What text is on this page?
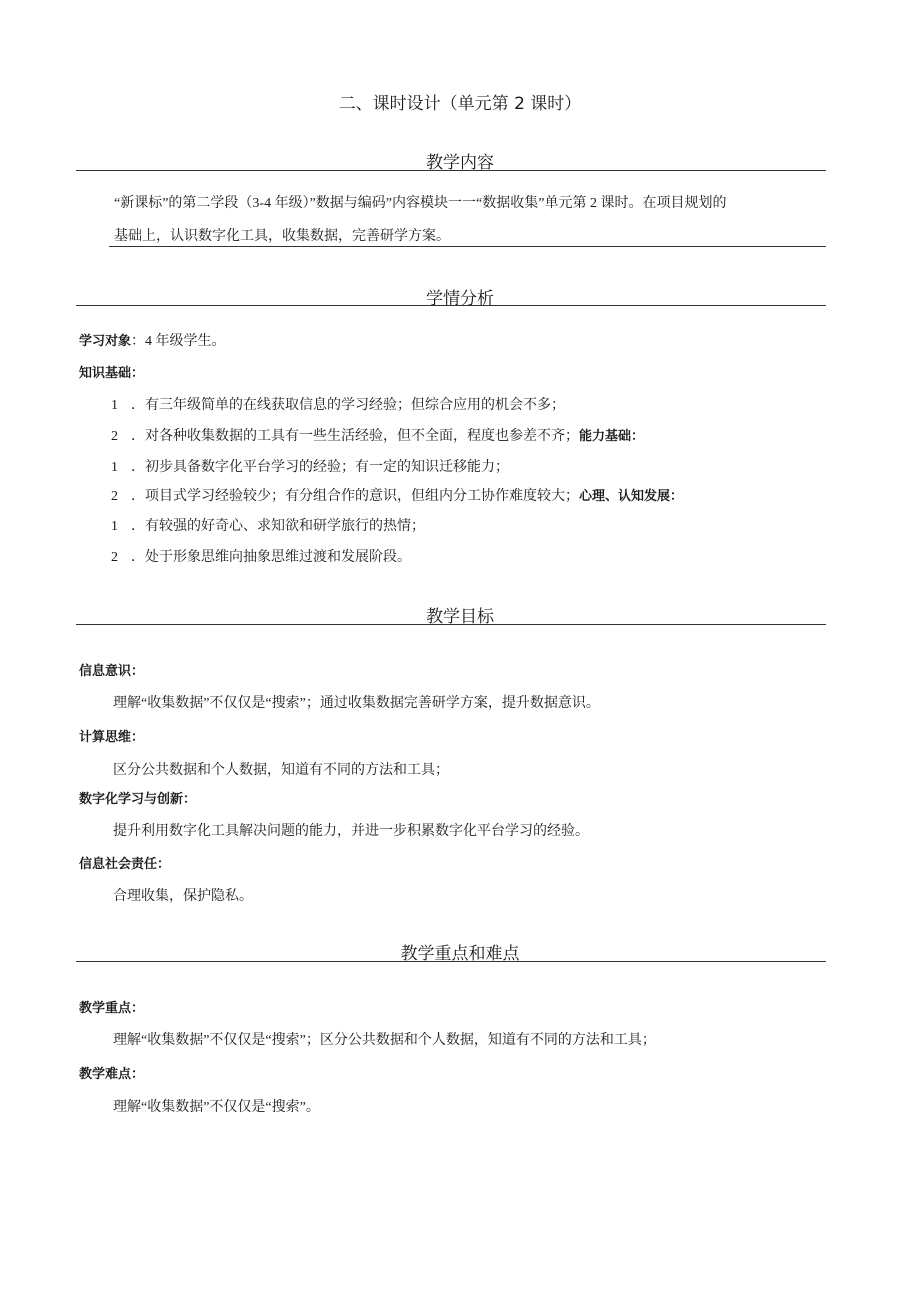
二、课时设计（单元第 2 课时）
教学内容
“新课标”的第二学段（3-4 年级）”数据与编码”内容模块一一“数据收集”单元第 2 课时。在项目规划的
基础上，认识数字化工具，收集数据，完善研学方案。
学情分析
学习对象：4 年级学生。
知识基础：
1 ．有三年级简单的在线获取信息的学习经验；但综合应用的机会不多；
2 ．对各种收集数据的工具有一些生活经验，但不全面，程度也参差不齐；能力基础：
1 ．初步具备数字化平台学习的经验；有一定的知识迁移能力；
2 ．项目式学习经验较少；有分组合作的意识，但组内分工协作难度较大；心理、认知发展：
1 ．有较强的好奇心、求知欲和研学旅行的热情；
2 ．处于形象思维向抽象思维过渡和发展阶段。
教学目标
信息意识：
理解“收集数据”不仅仅是“搜索”；通过收集数据完善研学方案，提升数据意识。
计算思维：
区分公共数据和个人数据，知道有不同的方法和工具；
数字化学习与创新：
提升利用数字化工具解决问题的能力，并进一步积累数字化平台学习的经验。
信息社会责任：
合理收集，保护隐私。
教学重点和难点
教学重点：
理解“收集数据”不仅仅是“搜索”；区分公共数据和个人数据，知道有不同的方法和工具；
教学难点：
理解“收集数据”不仅仅是“搜索”。
